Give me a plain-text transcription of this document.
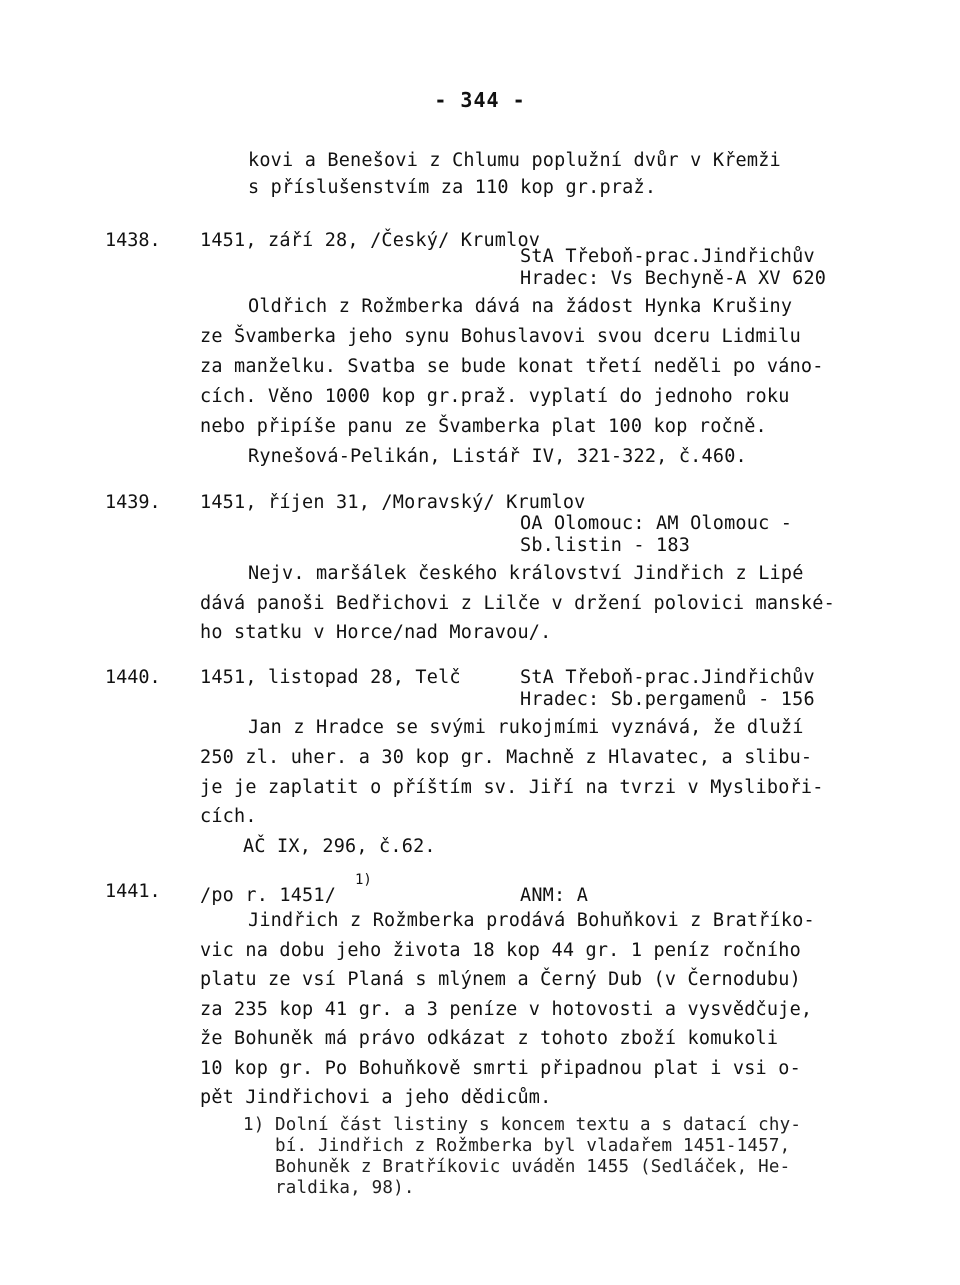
- 344 -
kovi a Benešovi z Chlumu poplužní dvůr v Křemži
s příslušenstvím za 110 kop gr.praž.
1438. 1451, září 28, /Český/ Krumlov
StA Třeboň-prac.Jindřichův
Hradec: Vs Bechyně-A XV 620
Oldřich z Rožmberka dává na žádost Hynka Krušiny
ze Švamberka jeho synu Bohuslavovi svou dceru Lidmilu
za manželku. Svatba se bude konat třetí neděli po váno-
cích. Věno 1000 kop gr.praž. vyplatí do jednoho roku
nebo připíše panu ze Švamberka plat 100 kop ročně.
Rynešová-Pelikán, Listář IV, 321-322, č.460.
1439. 1451, říjen 31, /Moravský/ Krumlov
OA Olomouc: AM Olomouc -
Sb.listin - 183
Nejv. maršálek českého království Jindřich z Lipé
dává panoši Bedřichovi z Lilče v držení polovici manské-
ho statku v Horce/nad Moravou/.
1440. 1451, listopad 28, Telč	StA Třeboň-prac.Jindřichův
Hradec: Sb.pergamenů - 156
Jan z Hradce se svými rukojmími vyznává, že dluží
250 zl. uher. a 30 kop gr. Machně z Hlavatec, a slibu-
je je zaplatit o příštím sv. Jiří na tvrzi v Myslibоři-
cích.
AČ IX, 296, č.62.
1441. /po r. 1451/
1)
ANM: A
Jindřich z Rožmberka prodává Bohuňkovi z Bratříko-
vic na dobu jeho života 18 kop 44 gr. 1 peníz ročního
platu ze vsí Planá s mlýnem a Černý Dub (v Černodubu)
za 235 kop 41 gr. a 3 peníze v hotovosti a vysvědčuje,
že Bohuněk má právo odkázat z tohoto zboží komukoli
10 kop gr. Po Bohuňkově smrti připadnou plat i vsi o-
pět Jindřichovi a jeho dědicům.
1) Dolní část listiny s koncem textu a s datací chy-
bí. Jindřich z Rožmberka byl vladařem 1451-1457,
Bohuněk z Bratříkovic uváděn 1455 (Sedláček, He-
raldika, 98).
